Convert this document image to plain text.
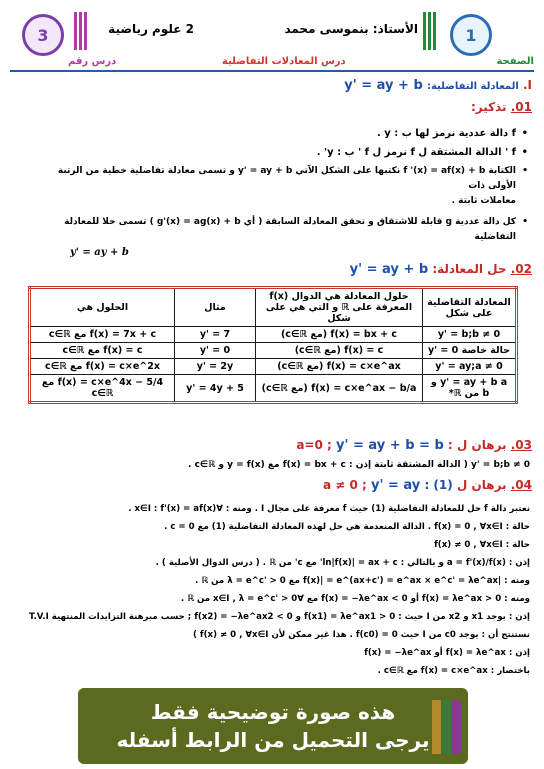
1
الأستاذ: بنموسى محمد
2 علوم رياضية
3
الصفحة
درس المعادلات التفاضلية
درس رقم
I. المعادلة التفاضلية: y' = ay + b
01. تذكير:
• f دالة عددية نرمز لها ب : y .
• f ' الدالة المشتقة ل f نرمز ل f ' ب : y' .
• الكتابة f '(x) = af(x) + b نكتبها على الشكل الآتي y' = ay + b و تسمى معادلة تفاضلية خطية من الرتبة الأولى ذات
معاملات ثابتة .
• كل دالة عددية g قابلة للاشتقاق و تحقق المعادلة السابقة ( أي g'(x) = ag(x) + b ) تسمى حلا للمعادلة التفاضلية
y' = ay + b
02. حل المعادلة: y' = ay + b
المعادلة التفاضلية على شكل	حلول المعادلة هي الدوال f(x) المعرفة على ℝ و التي هي على شكل	مثال	الحلول هي
y' = b;b ≠ 0	f(x) = bx + c (مع c∈ℝ)	y' = 7	f(x) = 7x + c مع c∈ℝ
حالة خاصة y' = 0	f(x) = c (مع c∈ℝ)	y' = 0	f(x) = c مع c∈ℝ
y' = ay;a ≠ 0	f(x) = c×e^ax (مع c∈ℝ)	y' = 2y	f(x) = c×e^2x مع c∈ℝ
y' = ay + b a و b من ℝ*	f(x) = c×e^ax − b/a (مع c∈ℝ)	y' = 4y + 5	f(x) = c×e^4x − 5/4 مع c∈ℝ
03. برهان ل : a=0 ; y' = ay + b = b
y' = b;b ≠ 0 ( الدالة المشتقة ثابتة إذن : f(x) = bx + c مع y = f(x) و c∈ℝ .
04. برهان ل a ≠ 0 ; y' = ay : (1)
نعتبر دالة f حل للمعادلة التفاضلية (1) حيث f معرفة على مجال I . ومنه : ∀x∈I : f'(x) = af(x) .
حالة : f(x) = 0 , ∀x∈I . الدالة المنعدمة هي حل لهذه المعادلة التفاضلية (1) مع c = 0 .
حالة : f(x) ≠ 0 , ∀x∈I
إذن : a = f'(x)/f(x) و بالتالي : ln|f(x)| = ax + c' مع c' من ℝ . ( درس الدوال الأصلية ) .
ومنه : |f(x)| = e^(ax+c') = e^ax × e^c' = λe^ax مع λ = e^c' > 0 من ℝ .
ومنه : f(x) = λe^ax > 0 أو f(x) = −λe^ax < 0 مع ∀x∈I , λ = e^c' > 0 من ℝ .
إذن : يوجد x1 و x2 من I حيث : f(x1) = λe^ax1 > 0 و f(x2) = −λe^ax2 < 0 ; حسب مبرهنة التزايدات المنتهية T.V.I
نستنتج أن : يوجد c0 من I حيث f(c0) = 0 . هذا غير ممكن لأن f(x) ≠ 0 , ∀x∈I )
إذن : f(x) = λe^ax أو f(x) = −λe^ax
باختصار : f(x) = c×e^ax مع c∈ℝ .
هذه صورة توضيحية فقط
يرجى التحميل من الرابط أسفله
